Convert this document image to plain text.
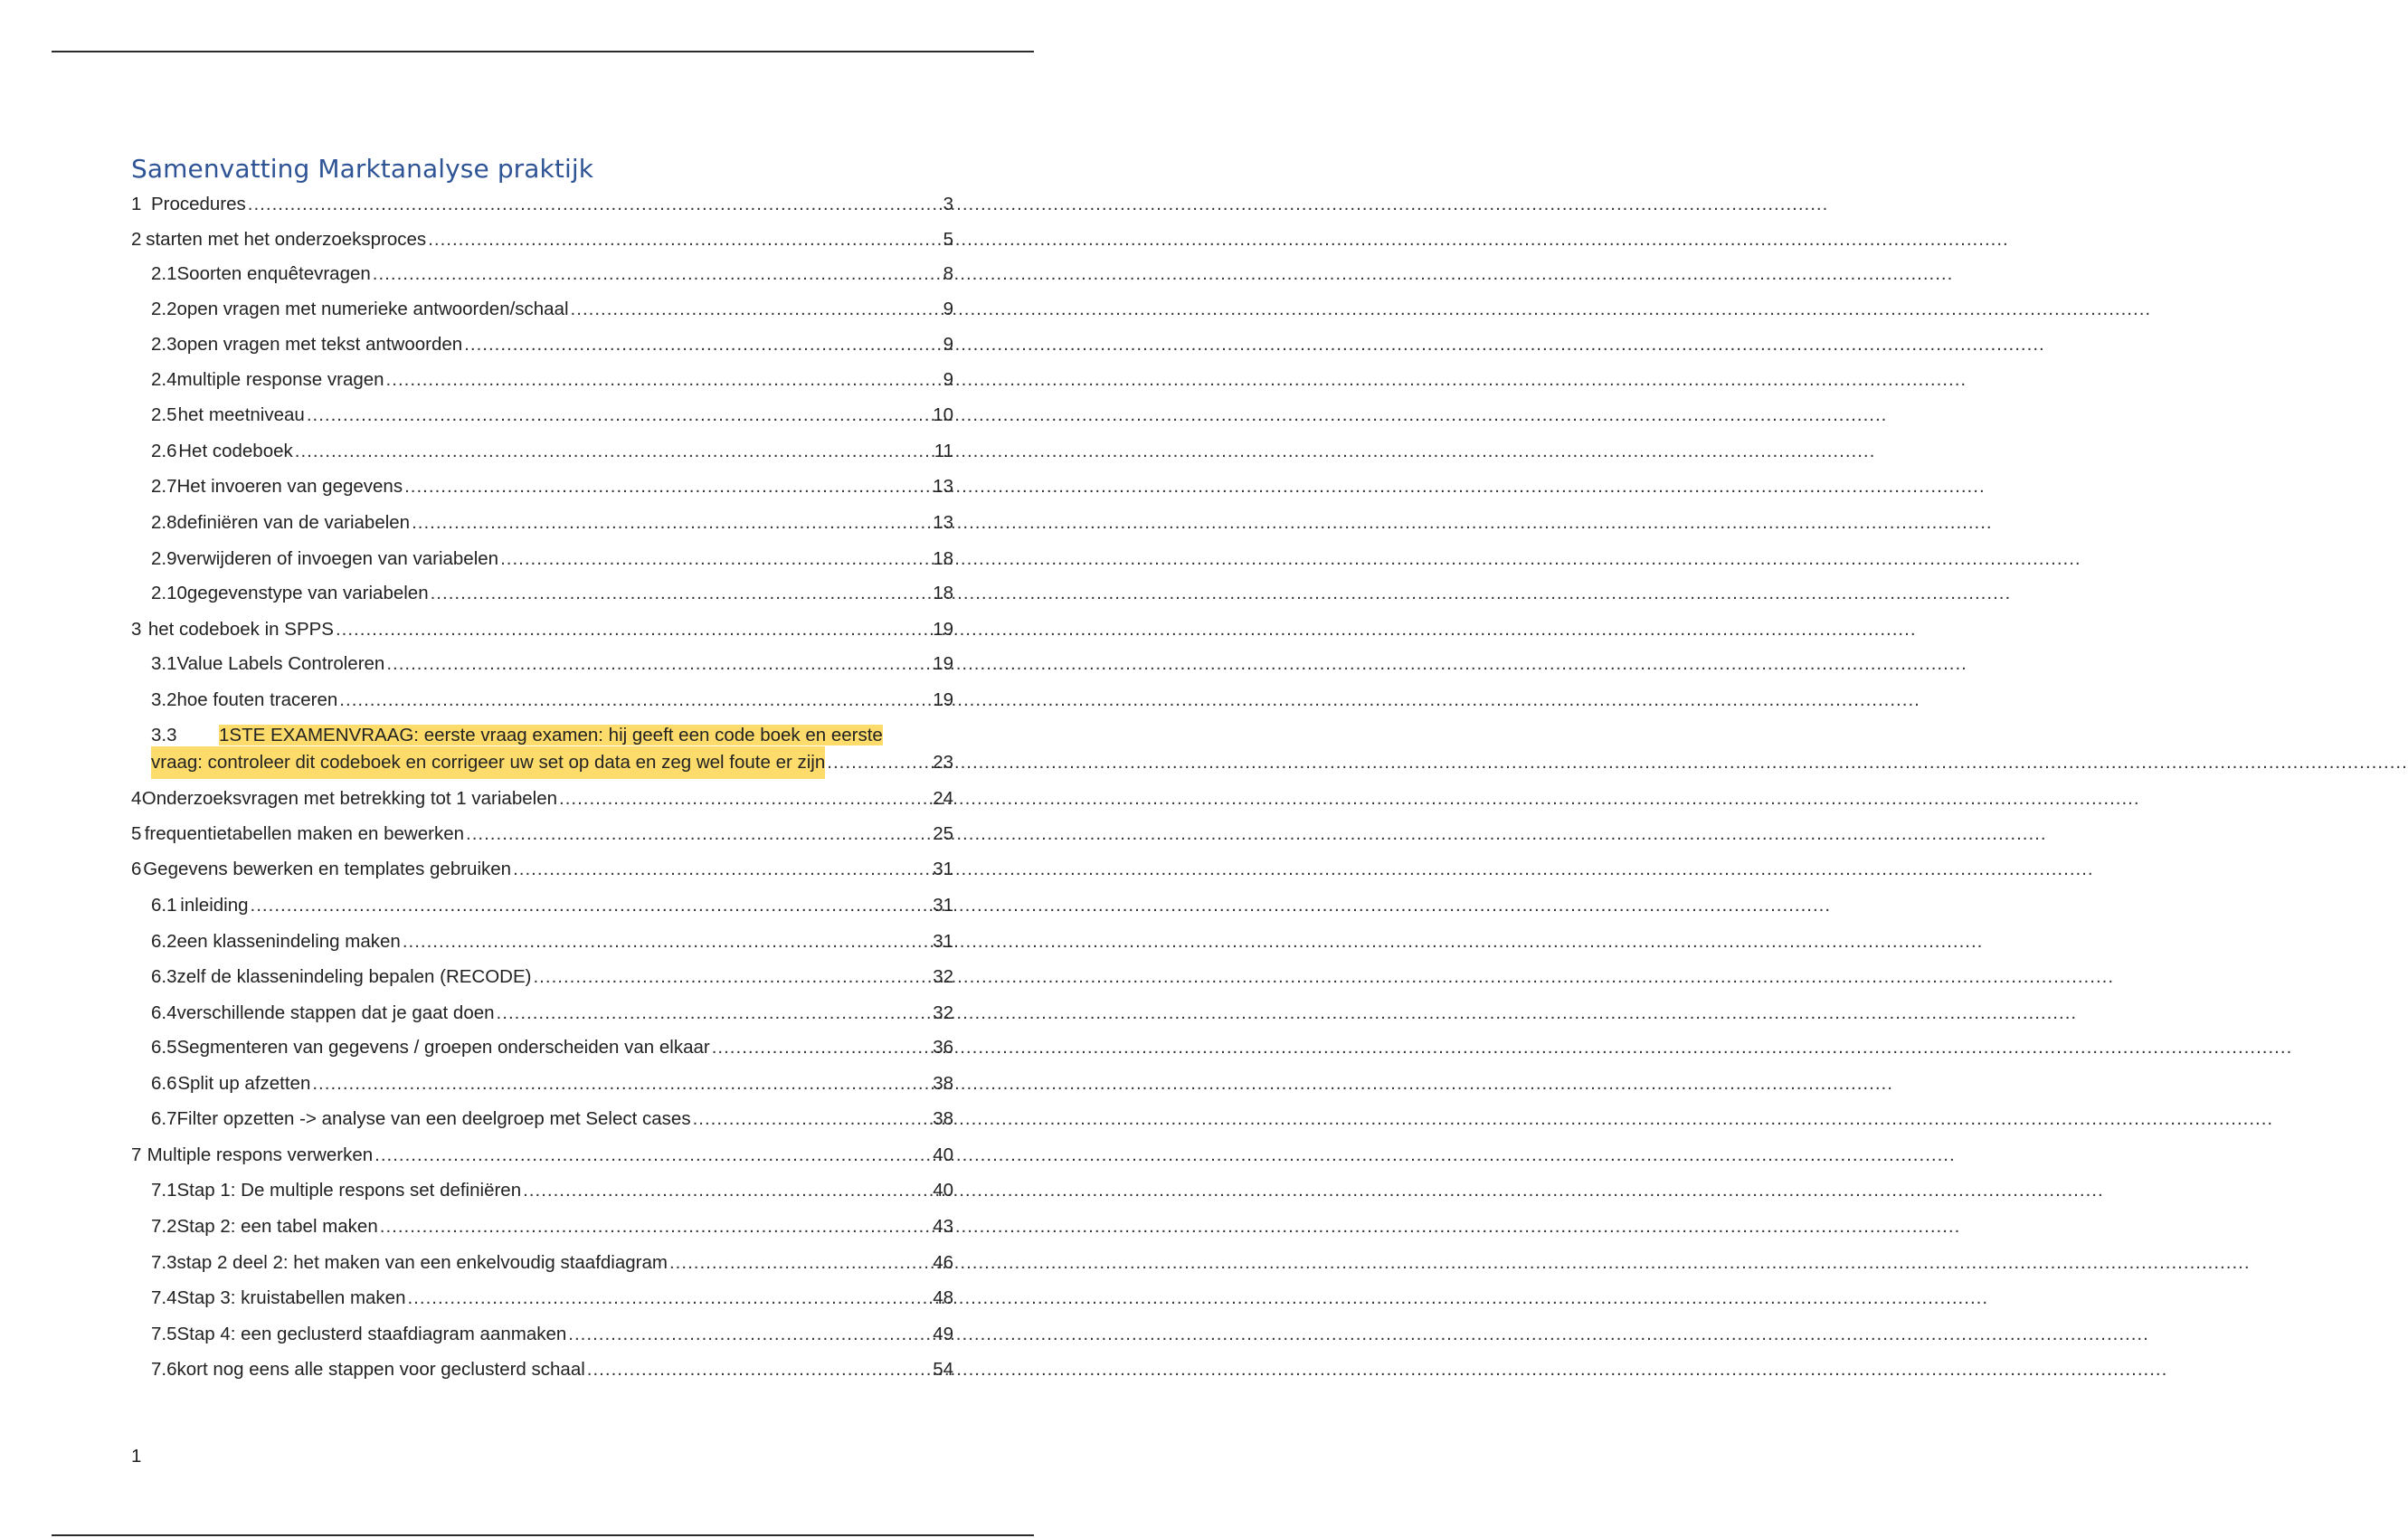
Samenvatting Marktanalyse praktijk
1 Procedures .....	3
2 starten met het onderzoeksproces .....	5
2.1 Soorten enquêtevragen .....	8
2.2 open vragen met numerieke antwoorden/schaal .....	9
2.3 open vragen met tekst antwoorden .....	9
2.4 multiple response vragen .....	9
2.5 het meetniveau .....	10
2.6 Het codeboek .....	11
2.7 Het invoeren van gegevens .....	13
2.8 definiëren van de variabelen .....	13
2.9 verwijderen of invoegen van variabelen .....	18
2.10 gegevenstype van variabelen .....	18
3 het codeboek in SPPS .....	19
3.1 Value Labels Controleren .....	19
3.2 hoe fouten traceren .....	19
3.3 1STE EXAMENVRAAG: eerste vraag examen: hij geeft een code boek en eerste
vraag: controleer dit codeboek en corrigeer uw set op data en zeg wel foute er zijn .....	23
4 Onderzoeksvragen met betrekking tot 1 variabelen .....	24
5 frequentietabellen maken en bewerken .....	25
6 Gegevens bewerken en templates gebruiken .....	31
6.1 inleiding .....	31
6.2 een klassenindeling maken .....	31
6.3 zelf de klassenindeling bepalen (RECODE) .....	32
6.4 verschillende stappen dat je gaat doen .....	32
6.5 Segmenteren van gegevens / groepen onderscheiden van elkaar .....	36
6.6 Split up afzetten .....	38
6.7 Filter opzetten -> analyse van een deelgroep met Select cases .....	38
7 Multiple respons verwerken .....	40
7.1 Stap 1: De multiple respons set definiëren .....	40
7.2 Stap 2: een tabel maken .....	43
7.3 stap 2 deel 2: het maken van een enkelvoudig staafdiagram .....	46
7.4 Stap 3: kruistabellen maken .....	48
7.5 Stap 4: een geclusterd staafdiagram aanmaken .....	49
7.6 kort nog eens alle stappen voor geclusterd schaal .....	54
1
